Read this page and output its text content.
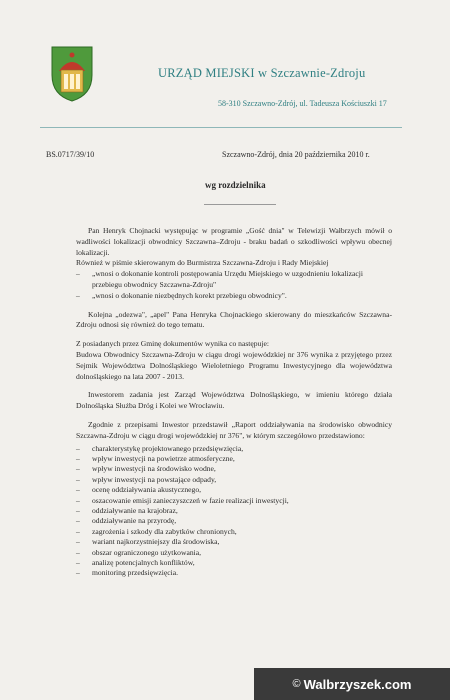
URZĄD MIEJSKI w Szczawnie-Zdroju
58-310 Szczawno-Zdrój, ul. Tadeusza Kościuszki 17
BS.0717/39/10	Szczawno-Zdrój, dnia 20 października 2010 r.
wg rozdzielnika

Pan Henryk Chojnacki występując w programie „Gość dnia" w Telewizji Wałbrzych mówił o wadliwości lokalizacji obwodnicy Szczawna–Zdroju - braku badań o szkodliwości wpływu obecnej lokalizacji.
Również w piśmie skierowanym do Burmistrza Szczawna-Zdroju i Rady Miejskiej

– „wnosi o dokonanie kontroli postępowania Urzędu Miejskiego w uzgodnieniu lokalizacji przebiegu obwodnicy Szczawna-Zdroju"
– „wnosi o dokonanie niezbędnych korekt przebiegu obwodnicy".

Kolejna „odezwa", „apel" Pana Henryka Chojnackiego skierowany do mieszkańców Szczawna-Zdroju odnosi się również do tego tematu.

Z posiadanych przez Gminę dokumentów wynika co następuje:
Budowa Obwodnicy Szczawna-Zdroju w ciągu drogi wojewódzkiej nr 376 wynika z przyjętego przez Sejmik Województwa Dolnośląskiego Wieloletniego Programu Inwestycyjnego dla województwa dolnośląskiego na lata 2007 - 2013.

Inwestorem zadania jest Zarząd Województwa Dolnośląskiego, w imieniu którego działa Dolnośląska Służba Dróg i Kolei we Wrocławiu.

Zgodnie z przepisami Inwestor przedstawił „Raport oddziaływania na środowisko obwodnicy Szczawna-Zdroju w ciągu drogi wojewódzkiej nr 376", w którym szczegółowo przedstawiono:

– charakterystykę projektowanego przedsięwzięcia,
– wpływ inwestycji na powietrze atmosferyczne,
– wpływ inwestycji na środowisko wodne,
– wpływ inwestycji na powstające odpady,
– ocenę oddziaływania akustycznego,
– oszacowanie emisji zanieczyszczeń w fazie realizacji inwestycji,
– oddziaływanie na krajobraz,
– oddziaływanie na przyrodę,
– zagrożenia i szkody dla zabytków chronionych,
– wariant najkorzystniejszy dla środowiska,
– obszar ograniczonego użytkowania,
– analizę potencjalnych konfliktów,
– monitoring przedsięwzięcia.
© Walbrzyszek.com
